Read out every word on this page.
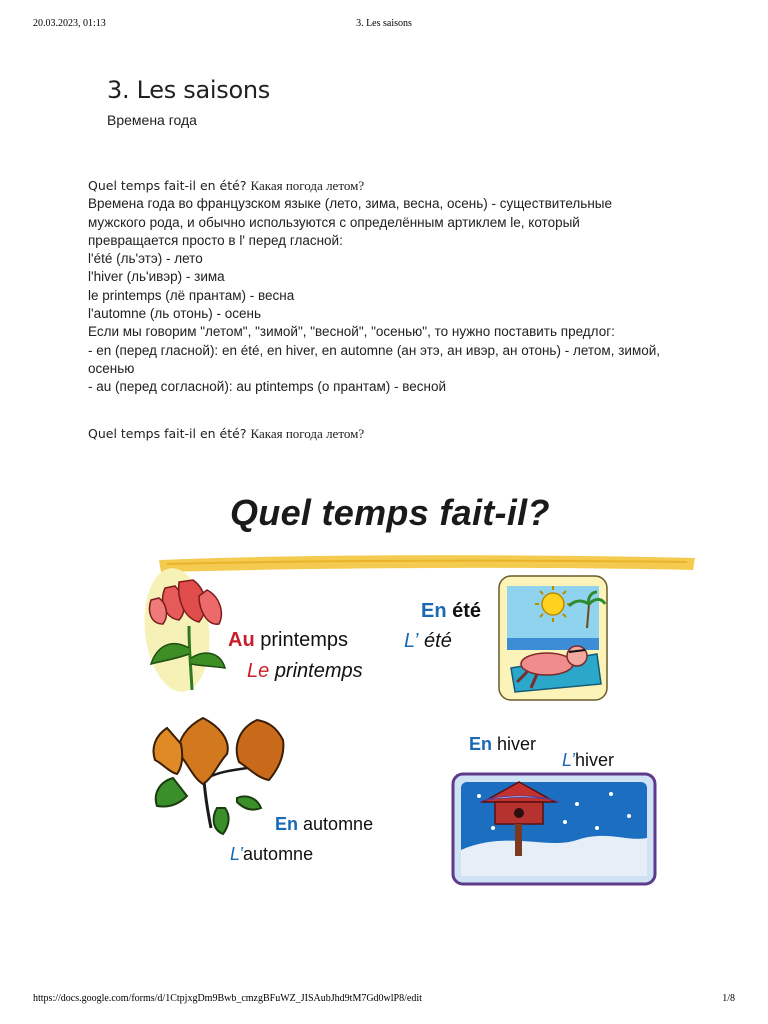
20.03.2023, 01:13	3. Les saisons
3. Les saisons
Времена года
Quel temps fait-il en été? Какая погода летом?
Времена года во французском языке (лето, зима, весна, осень) - существительные
мужского рода, и обычно используются с определённым артиклем le, который
превращается просто в l' перед гласной:
l'été (ль'этэ) - лето
l'hiver (ль'ивэр) - зима
le printemps (лё прантам) - весна
l'automne (ль отонь) - осень
Если мы говорим "летом", "зимой", "весной", "осенью", то нужно поставить предлог:
- en (перед гласной): en été, en hiver, en automne (ан этэ, ан ивэр, ан отонь) - летом, зимой,
осенью
- au (перед согласной): au ptintemps (о прантам) - весной
Quel temps fait-il en été? Какая погода летом?
Quel temps fait-il?
Au printemps
Le printemps
En été
L’ été
En hiver
L’hiver
En automne
L’automne
https://docs.google.com/forms/d/1CtpjxgDm9Bwb_cmzgBFuWZ_JISAubJhd9tM7Gd0wlP8/edit	1/8
